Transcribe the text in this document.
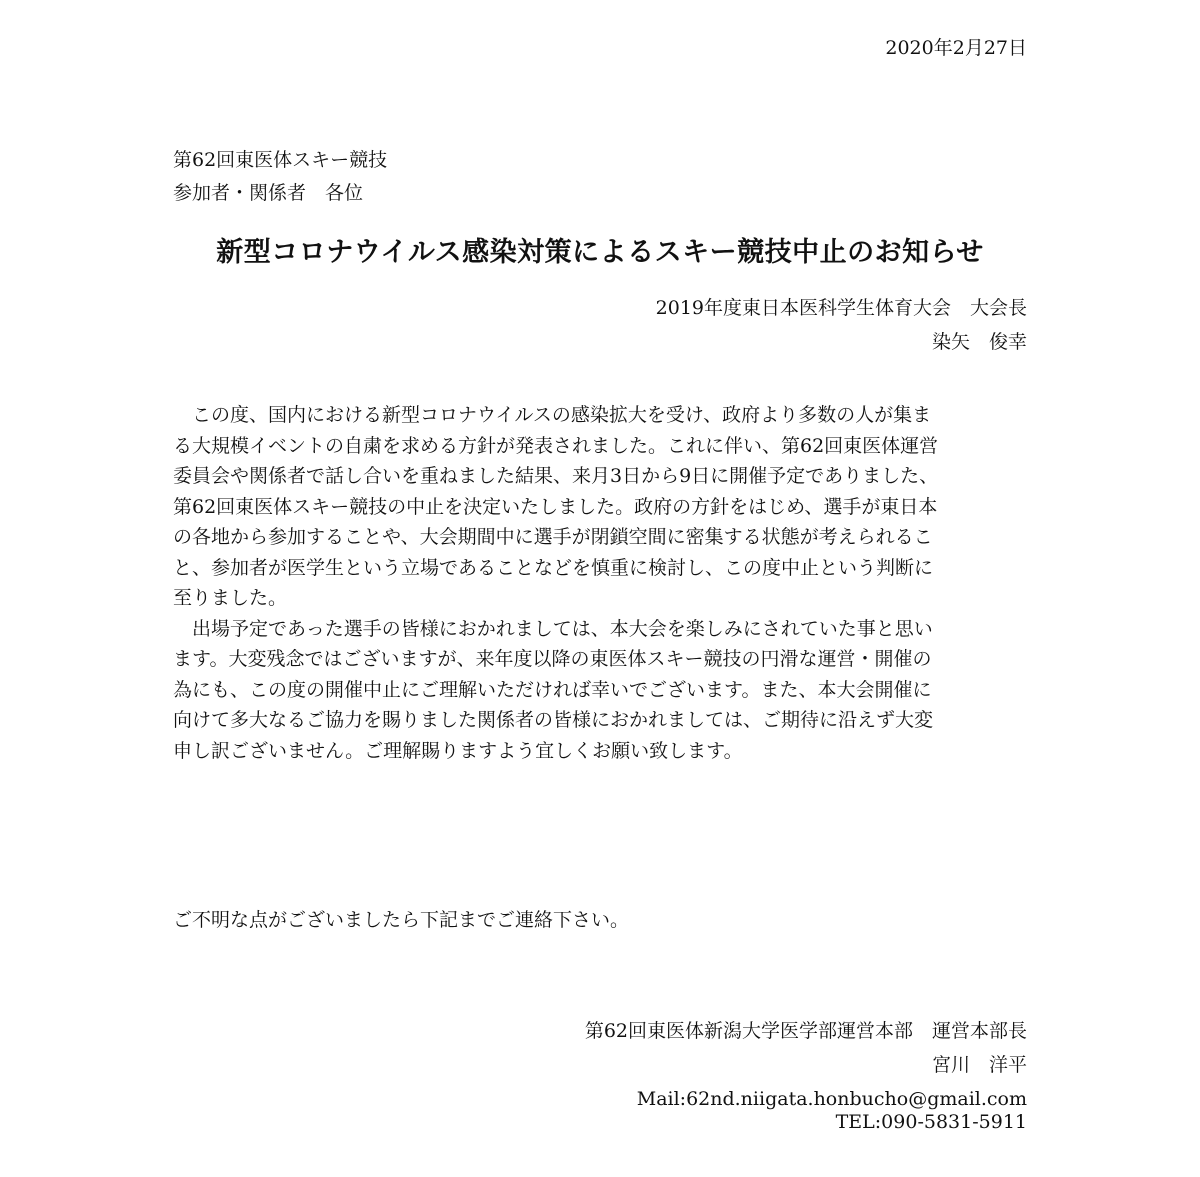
2020年2月27日
第62回東医体スキー競技
参加者・関係者　各位
新型コロナウイルス感染対策によるスキー競技中止のお知らせ
2019年度東日本医科学生体育大会　大会長
染矢　俊幸
　この度、国内における新型コロナウイルスの感染拡大を受け、政府より多数の人が集ま
る大規模イベントの自粛を求める方針が発表されました。これに伴い、第62回東医体運営
委員会や関係者で話し合いを重ねました結果、来月3日から9日に開催予定でありました、
第62回東医体スキー競技の中止を決定いたしました。政府の方針をはじめ、選手が東日本
の各地から参加することや、大会期間中に選手が閉鎖空間に密集する状態が考えられるこ
と、参加者が医学生という立場であることなどを慎重に検討し、この度中止という判断に
至りました。
　出場予定であった選手の皆様におかれましては、本大会を楽しみにされていた事と思い
ます。大変残念ではございますが、来年度以降の東医体スキー競技の円滑な運営・開催の
為にも、この度の開催中止にご理解いただければ幸いでございます。また、本大会開催に
向けて多大なるご協力を賜りました関係者の皆様におかれましては、ご期待に沿えず大変
申し訳ございません。ご理解賜りますよう宜しくお願い致します。
ご不明な点がございましたら下記までご連絡下さい。
第62回東医体新潟大学医学部運営本部　運営本部長
宮川　洋平
Mail:62nd.niigata.honbucho@gmail.com
TEL:090-5831-5911
